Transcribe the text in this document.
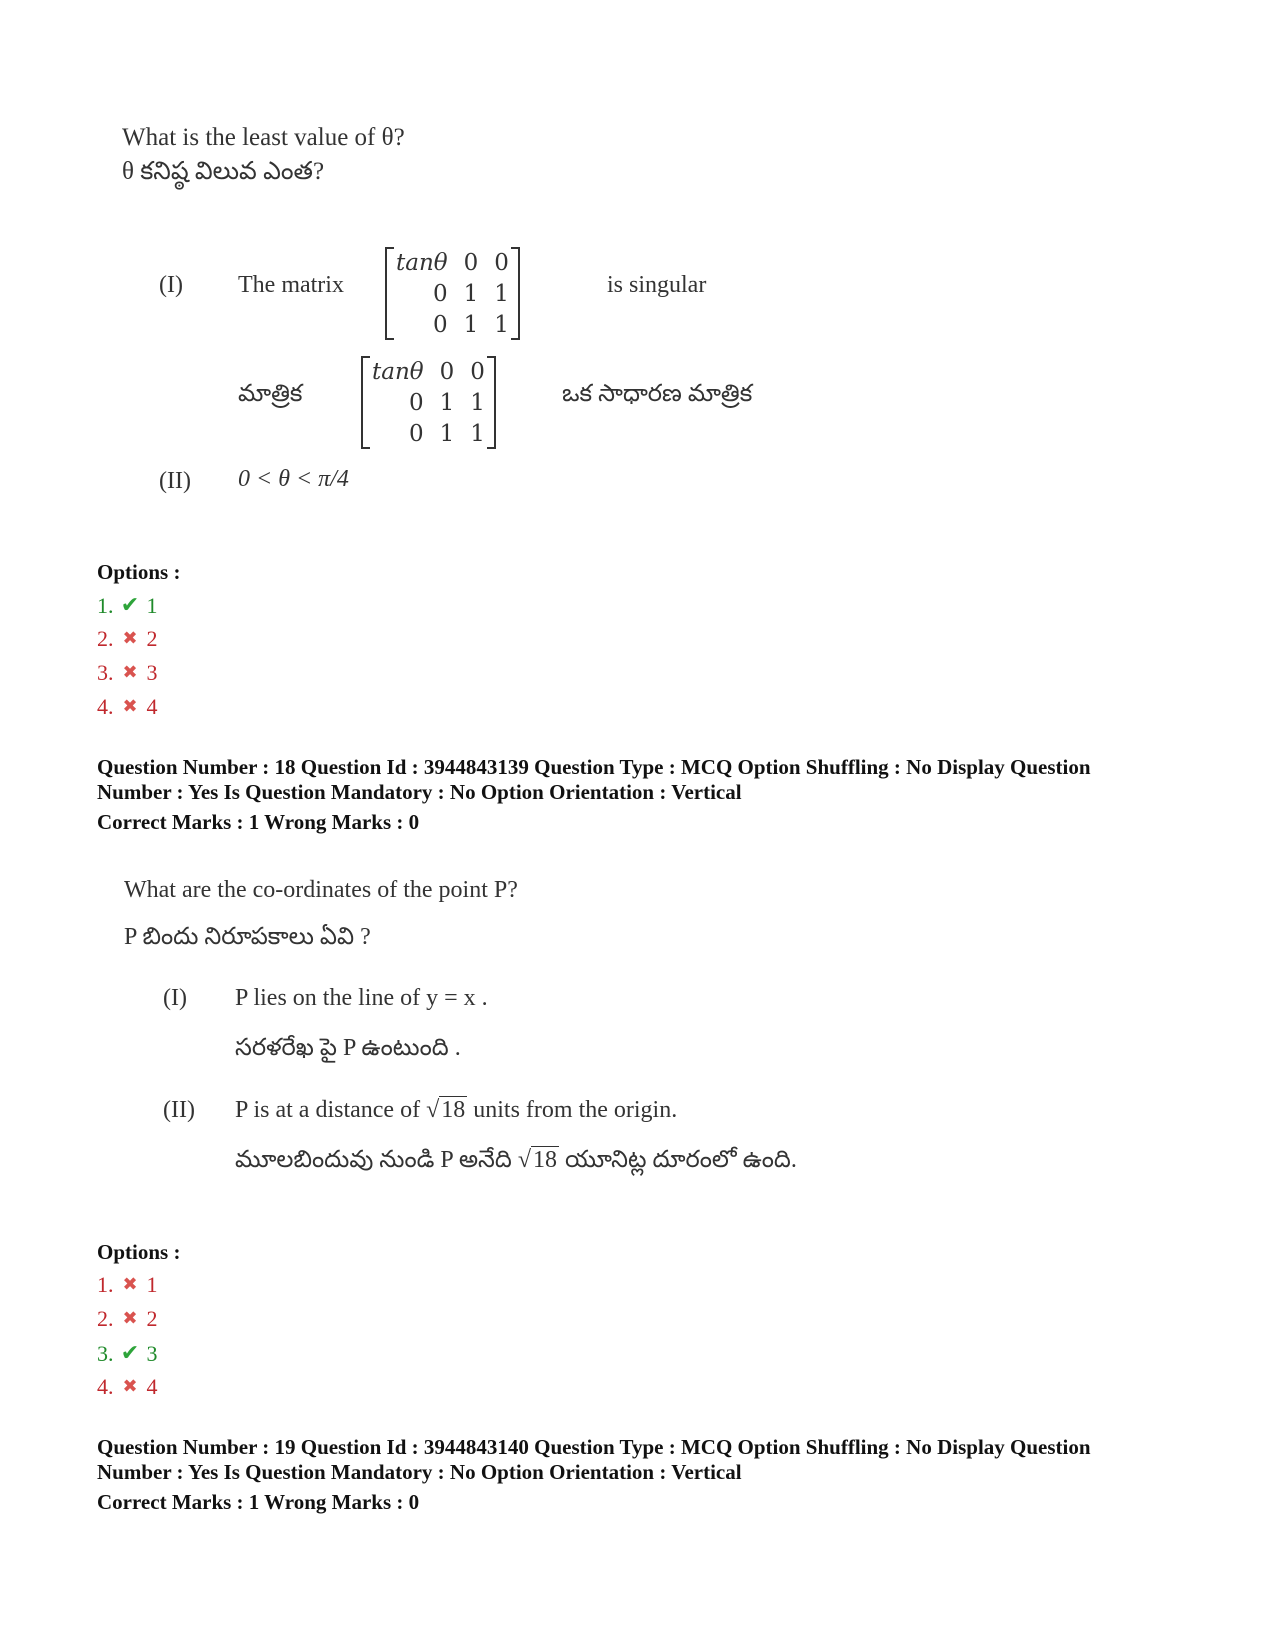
What is the least value of θ?
θ కనిష్ఠ విలువ ఎంత?
(I) The matrix
tanθ	0	0
0	1	1
0	1	1
is singular
మాత్రిక
tanθ	0	0
0	1	1
0	1	1
ఒక సాధారణ మాత్రిక
(II) 0 < θ < π/4
Options :
1. ✔ 1
2. ✖ 2
3. ✖ 3
4. ✖ 4
Question Number : 18 Question Id : 3944843139 Question Type : MCQ Option Shuffling : No Display Question
Number : Yes Is Question Mandatory : No Option Orientation : Vertical
Correct Marks : 1 Wrong Marks : 0
What are the co-ordinates of the point P?
P బిందు నిరూపకాలు ఏవి ?
(I) P lies on the line of y = x .
సరళరేఖ పై P ఉంటుంది .
(II) P is at a distance of √18 units from the origin.
మూలబిందువు నుండి P అనేది √18 యూనిట్ల దూరంలో ఉంది.
Options :
1. ✖ 1
2. ✖ 2
3. ✔ 3
4. ✖ 4
Question Number : 19 Question Id : 3944843140 Question Type : MCQ Option Shuffling : No Display Question
Number : Yes Is Question Mandatory : No Option Orientation : Vertical
Correct Marks : 1 Wrong Marks : 0
